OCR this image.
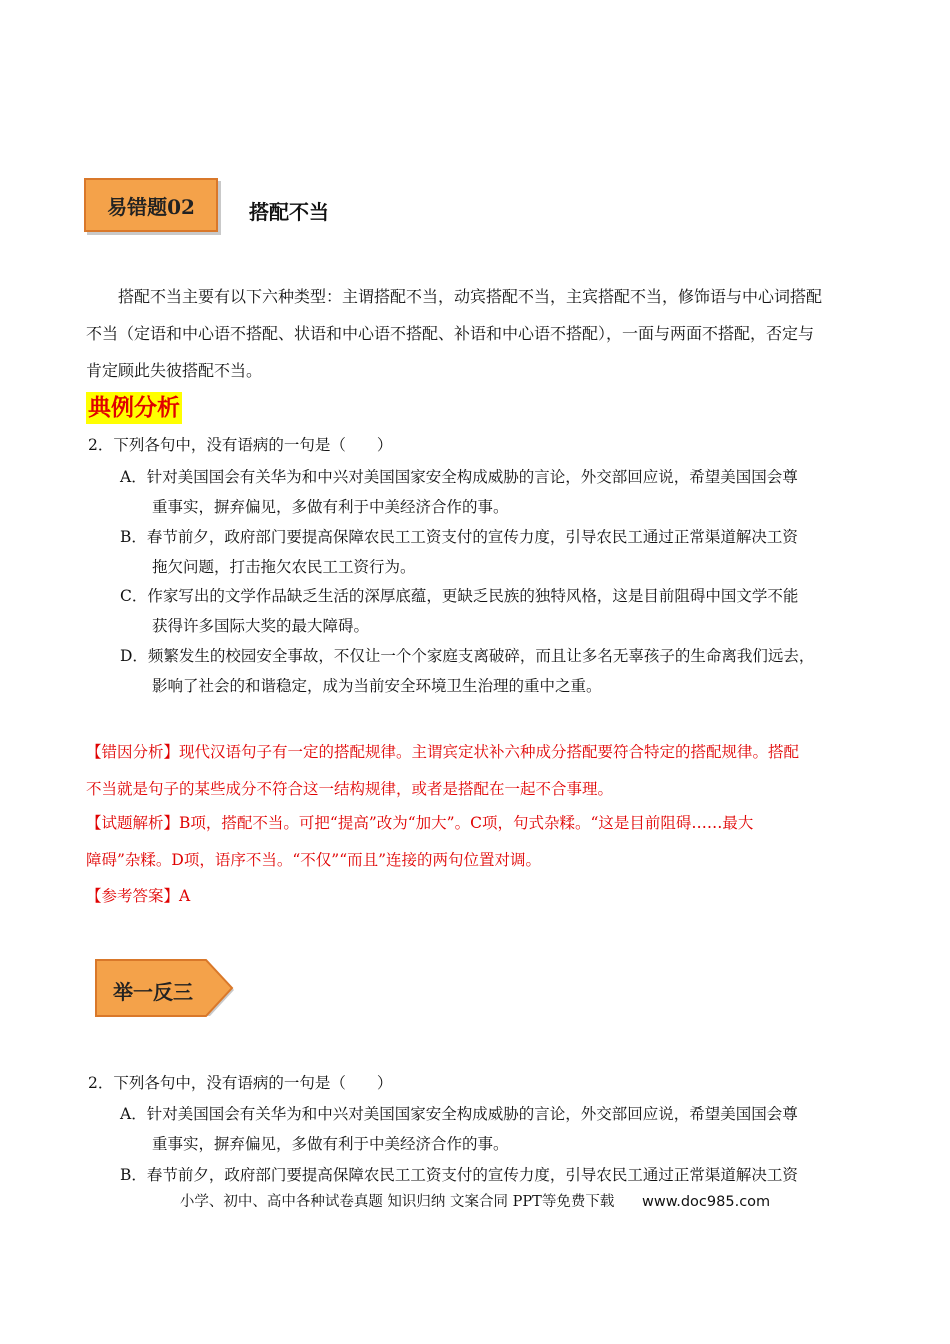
易错题02	搭配不当
搭配不当主要有以下六种类型：主谓搭配不当，动宾搭配不当，主宾搭配不当，修饰语与中心词搭配
不当（定语和中心语不搭配、状语和中心语不搭配、补语和中心语不搭配），一面与两面不搭配，否定与
肯定顾此失彼搭配不当。
典例分析
2．下列各句中，没有语病的一句是（　　）
A．针对美国国会有关华为和中兴对美国国家安全构成威胁的言论，外交部回应说，希望美国国会尊
重事实，摒弃偏见，多做有利于中美经济合作的事。
B．春节前夕，政府部门要提高保障农民工工资支付的宣传力度，引导农民工通过正常渠道解决工资
拖欠问题，打击拖欠农民工工资行为。
C．作家写出的文学作品缺乏生活的深厚底蕴，更缺乏民族的独特风格，这是目前阻碍中国文学不能
获得许多国际大奖的最大障碍。
D．频繁发生的校园安全事故，不仅让一个个家庭支离破碎，而且让多名无辜孩子的生命离我们远去，
影响了社会的和谐稳定，成为当前安全环境卫生治理的重中之重。
【错因分析】现代汉语句子有一定的搭配规律。主谓宾定状补六种成分搭配要符合特定的搭配规律。搭配
不当就是句子的某些成分不符合这一结构规律，或者是搭配在一起不合事理。
【试题解析】B项，搭配不当。可把“提高”改为“加大”。C项，句式杂糅。“这是目前阻碍……最大
障碍”杂糅。D项，语序不当。“不仅”“而且”连接的两句位置对调。
【参考答案】A
举一反三
2．下列各句中，没有语病的一句是（　　）
A．针对美国国会有关华为和中兴对美国国家安全构成威胁的言论，外交部回应说，希望美国国会尊
重事实，摒弃偏见，多做有利于中美经济合作的事。
B．春节前夕，政府部门要提高保障农民工工资支付的宣传力度，引导农民工通过正常渠道解决工资
小学、初中、高中各种试卷真题 知识归纳 文案合同 PPT等免费下载 www.doc985.com
